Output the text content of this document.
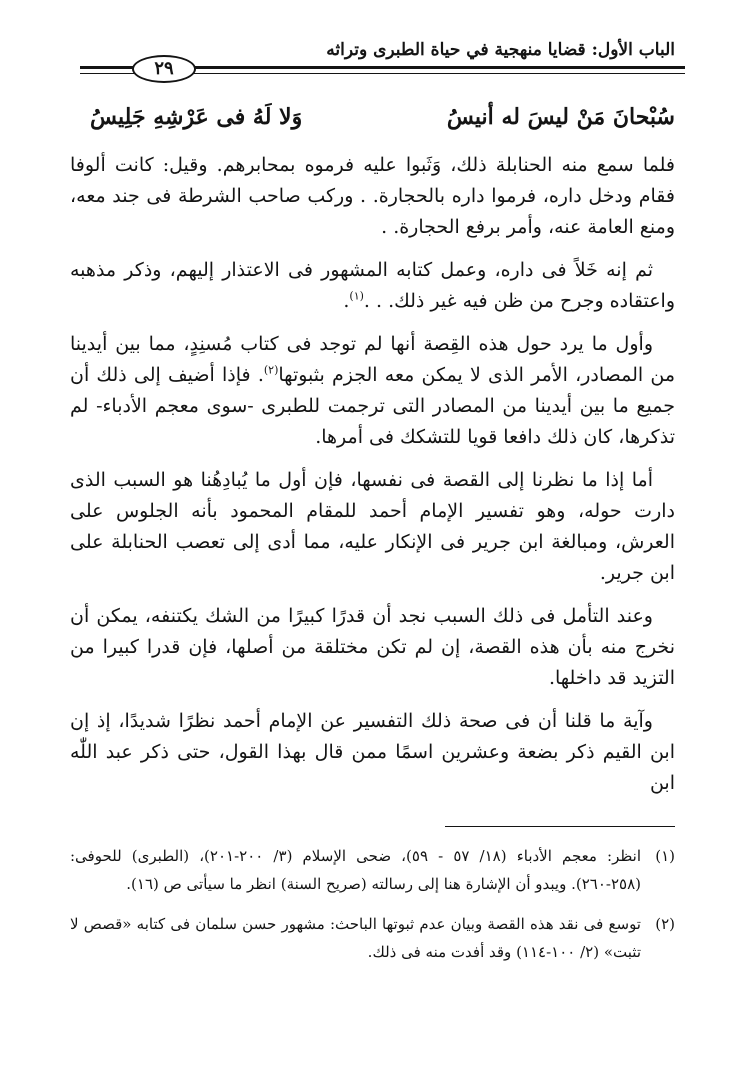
الباب الأول: قضايا منهجية في حياة الطبرى وتراثه
٢٩
سُبْحانَ مَنْ ليسَ له أنيسُ
وَلا لَهُ فى عَرْشِهِ جَلِيسُ

فلما سمع منه الحنابلة ذلك، وَثَبوا عليه فرموه بمحابرهم. وقيل: كانت ألوفا فقام ودخل داره، فرموا داره بالحجارة. . وركب صاحب الشرطة فى جند معه، ومنع العامة عنه، وأمر برفع الحجارة. .

ثم إنه خَلاً فى داره، وعمل كتابه المشهور فى الاعتذار إليهم، وذكر مذهبه واعتقاده وجرح من ظن فيه غير ذلك. . .$^{(١)}$.

وأول ما يرد حول هذه القِصة أنها لم توجد فى كتاب مُسنِدٍ، مما بين أيدينا من المصادر، الأمر الذى لا يمكن معه الجزم بثبوتها$^{(٢)}$. فإذا أضيف إلى ذلك أن جميع ما بين أيدينا من المصادر التى ترجمت للطبرى -سوى معجم الأدباء- لم تذكرها، كان ذلك دافعا قويا للتشكك فى أمرها.

أما إذا ما نظرنا إلى القصة فى نفسها، فإن أول ما يُبادِهُنا هو السبب الذى دارت حوله، وهو تفسير الإمام أحمد للمقام المحمود بأنه الجلوس على العرش، ومبالغة ابن جرير فى الإنكار عليه، مما أدى إلى تعصب الحنابلة على ابن جرير.

وعند التأمل فى ذلك السبب نجد أن قدرًا كبيرًا من الشك يكتنفه، يمكن أن نخرج منه بأن هذه القصة، إن لم تكن مختلقة من أصلها، فإن قدرا كبيرا من التزيد قد داخلها.

وآية ما قلنا أن فى صحة ذلك التفسير عن الإمام أحمد نظرًا شديدًا، إذ إن ابن القيم ذكر بضعة وعشرين اسمًا ممن قال بهذا القول، حتى ذكر عبد اللّٰه ابن

(١)
انظر: معجم الأدباء (١٨/ ٥٧ - ٥٩)، ضحى الإسلام (٣/ ٢٠٠-٢٠١)، (الطبرى) للحوفى: (٢٥٨-٢٦٠). ويبدو أن الإشارة هنا إلى رسالته (صريح السنة) انظر ما سيأتى ص (١٦).
(٢)
توسع فى نقد هذه القصة وبيان عدم ثبوتها الباحث: مشهور حسن سلمان فى كتابه «قصص لا تثبت» (٢/ ١٠٠-١١٤) وقد أفدت منه فى ذلك.
